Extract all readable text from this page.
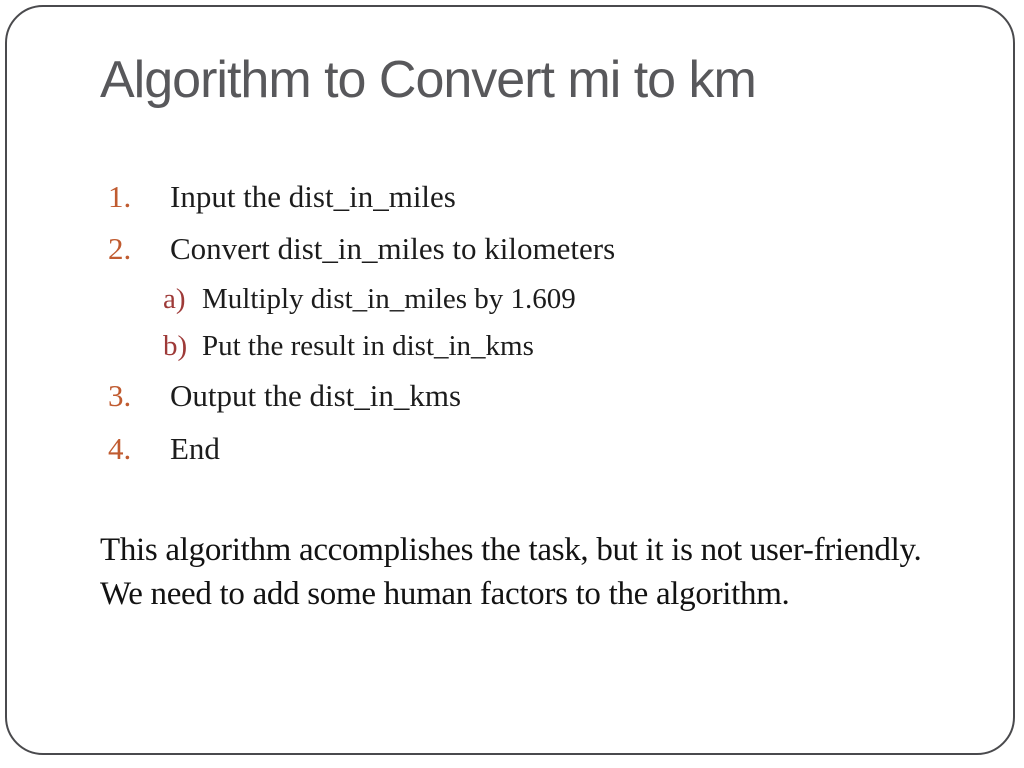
Algorithm to Convert mi to km
1.	Input the dist_in_miles
2.	Convert dist_in_miles to kilometers
a) Multiply dist_in_miles by 1.609
b) Put the result in dist_in_kms
3.	Output the dist_in_kms
4.	End

This algorithm accomplishes the task, but it is not user-friendly.
We need to add some human factors to the algorithm.
